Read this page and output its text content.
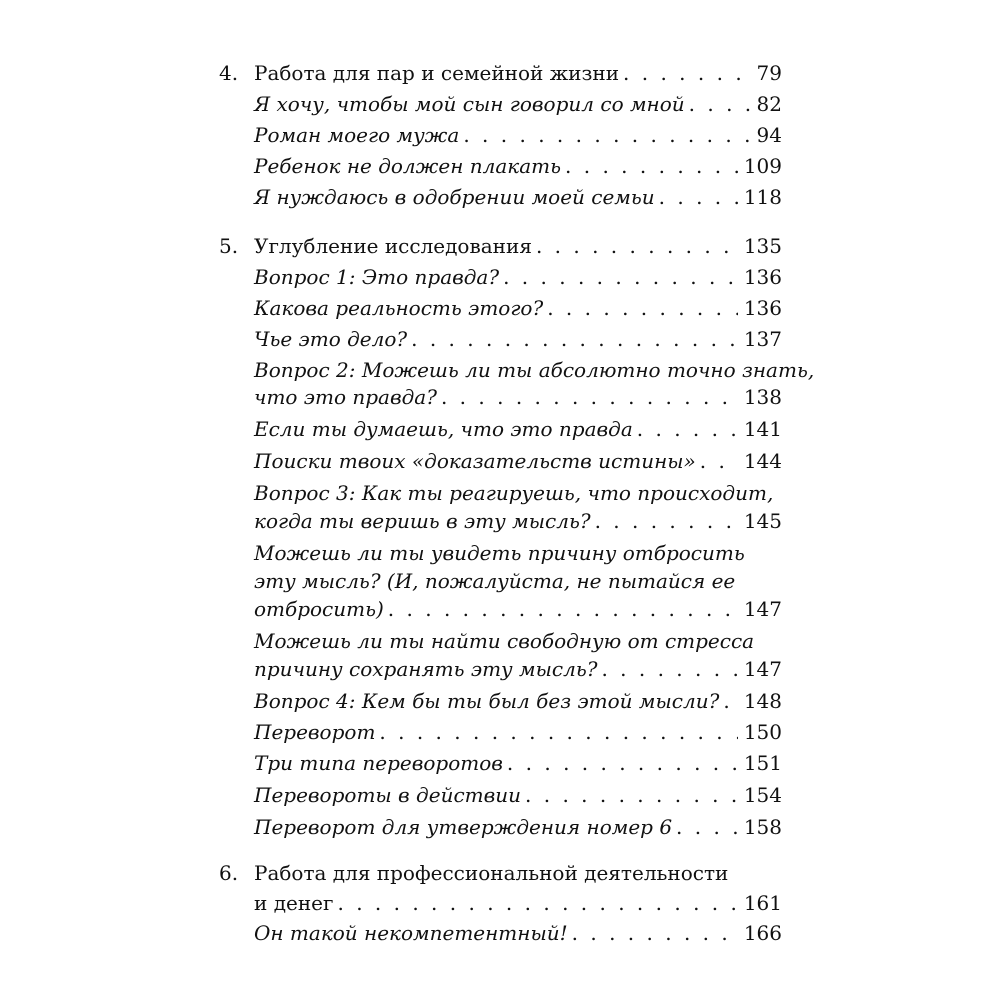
4. Работа для пар и семейной жизни . . .	79
Я хочу, чтобы мой сын говорил со мной . . .	82
Роман моего мужа . . .	94
Ребенок не должен плакать . . .	109
Я нуждаюсь в одобрении моей семьи . . .	118
5. Углубление исследования . . .	135
Вопрос 1: Это правда? . . .	136
Какова реальность этого? . . .	136
Чье это дело? . . .	137
Вопрос 2: Можешь ли ты абсолютно точно знать,
что это правда? . . .	138
Если ты думаешь, что это правда . . .	141
Поиски твоих «доказательств истины» . . . 144
Вопрос 3: Как ты реагируешь, что происходит,
когда ты веришь в эту мысль? . . .	145
Можешь ли ты увидеть причину отбросить
эту мысль? (И, пожалуйста, не пытайся ее
отбросить) . . .	147
Можешь ли ты найти свободную от стресса
причину сохранять эту мысль? . . .	147
Вопрос 4: Кем бы ты был без этой мысли? . . . 148
Переворот . . .	150
Три типа переворотов . . .	151
Перевороты в действии . . .	154
Переворот для утверждения номер 6 . . .	158
6. Работа для профессиональной деятельности
и денег . . .	161
Он такой некомпетентный! . . .	166
